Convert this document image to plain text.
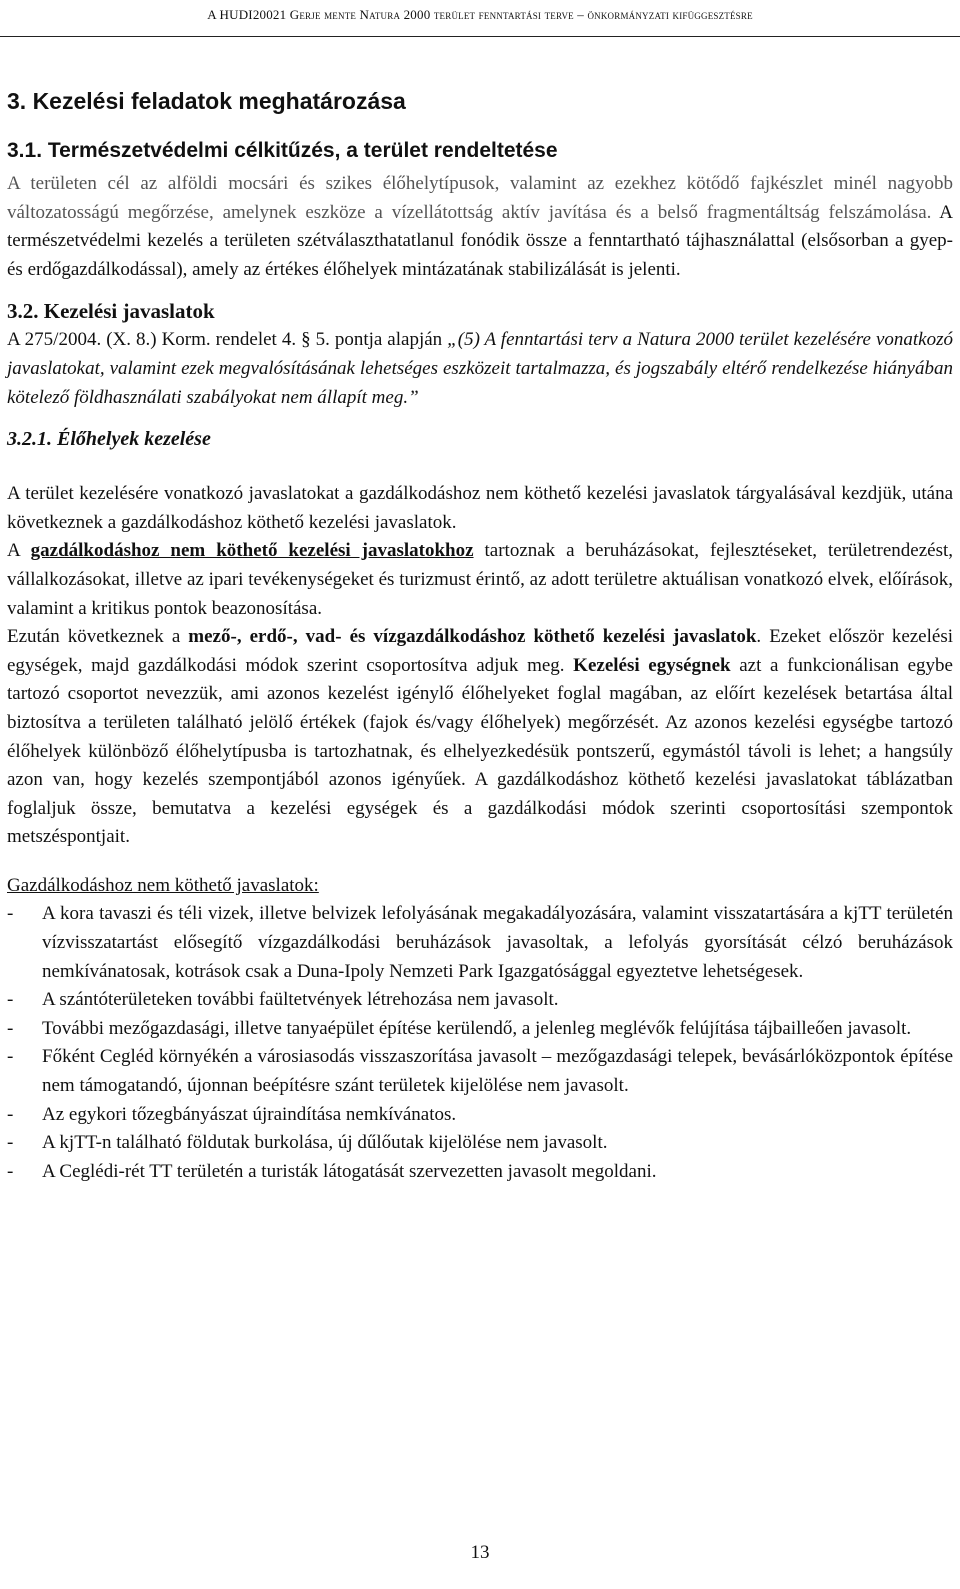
A HUDI20021 Gerje mente Natura 2000 terület fenntartási terve – önkormányzati kifüggesztésre
3. Kezelési feladatok meghatározása
3.1. Természetvédelmi célkitűzés, a terület rendeltetése

A területen cél az alföldi mocsári és szikes élőhelytípusok, valamint az ezekhez kötődő fajkészlet minél nagyobb változatosságú megőrzése, amelynek eszköze a vízellátottság aktív javítása és a belső fragmentáltság felszámolása. A természetvédelmi kezelés a területen szétválaszthatatlanul fonódik össze a fenntartható tájhasználattal (elsősorban a gyep- és erdőgazdálkodással), amely az értékes élőhelyek mintázatának stabilizálását is jelenti.

3.2. Kezelési javaslatok

A 275/2004. (X. 8.) Korm. rendelet 4. § 5. pontja alapján „(5) A fenntartási terv a Natura 2000 terület kezelésére vonatkozó javaslatokat, valamint ezek megvalósításának lehetséges eszközeit tartalmazza, és jogszabály eltérő rendelkezése hiányában kötelező földhasználati szabályokat nem állapít meg.”

3.2.1. Élőhelyek kezelése

A terület kezelésére vonatkozó javaslatokat a gazdálkodáshoz nem köthető kezelési javaslatok tárgyalásával kezdjük, utána következnek a gazdálkodáshoz köthető kezelési javaslatok.

A gazdálkodáshoz nem köthető kezelési javaslatokhoz tartoznak a beruházásokat, fejlesztéseket, területrendezést, vállalkozásokat, illetve az ipari tevékenységeket és turizmust érintő, az adott területre aktuálisan vonatkozó elvek, előírások, valamint a kritikus pontok beazonosítása.

Ezután következnek a mező-, erdő-, vad- és vízgazdálkodáshoz köthető kezelési javaslatok. Ezeket először kezelési egységek, majd gazdálkodási módok szerint csoportosítva adjuk meg. Kezelési egységnek azt a funkcionálisan egybe tartozó csoportot nevezzük, ami azonos kezelést igénylő élőhelyeket foglal magában, az előírt kezelések betartása által biztosítva a területen található jelölő értékek (fajok és/vagy élőhelyek) megőrzését. Az azonos kezelési egységbe tartozó élőhelyek különböző élőhelytípusba is tartozhatnak, és elhelyezkedésük pontszerű, egymástól távoli is lehet; a hangsúly azon van, hogy kezelés szempontjából azonos igényűek. A gazdálkodáshoz köthető kezelési javaslatokat táblázatban foglaljuk össze, bemutatva a kezelési egységek és a gazdálkodási módok szerinti csoportosítási szempontok metszéspontjait.

Gazdálkodáshoz nem köthető javaslatok:

- A kora tavaszi és téli vizek, illetve belvizek lefolyásának megakadályozására, valamint visszatartására a kjTT területén vízvisszatartást elősegítő vízgazdálkodási beruházások javasoltak, a lefolyás gyorsítását célzó beruházások nemkívánatosak, kotrások csak a Duna-Ipoly Nemzeti Park Igazgatósággal egyeztetve lehetségesek.
- A szántóterületeken további faültetvények létrehozása nem javasolt.
- További mezőgazdasági, illetve tanyaépület építése kerülendő, a jelenleg meglévők felújítása tájbailleően javasolt.
- Főként Cegléd környékén a városiasodás visszaszorítása javasolt – mezőgazdasági telepek, bevásárlóközpontok építése nem támogatandó, újonnan beépítésre szánt területek kijelölése nem javasolt.
- Az egykori tőzegbányászat újraindítása nemkívánatos.
- A kjTT-n található földutak burkolása, új dűlőutak kijelölése nem javasolt.
- A Ceglédi-rét TT területén a turisták látogatását szervezetten javasolt megoldani.
13
